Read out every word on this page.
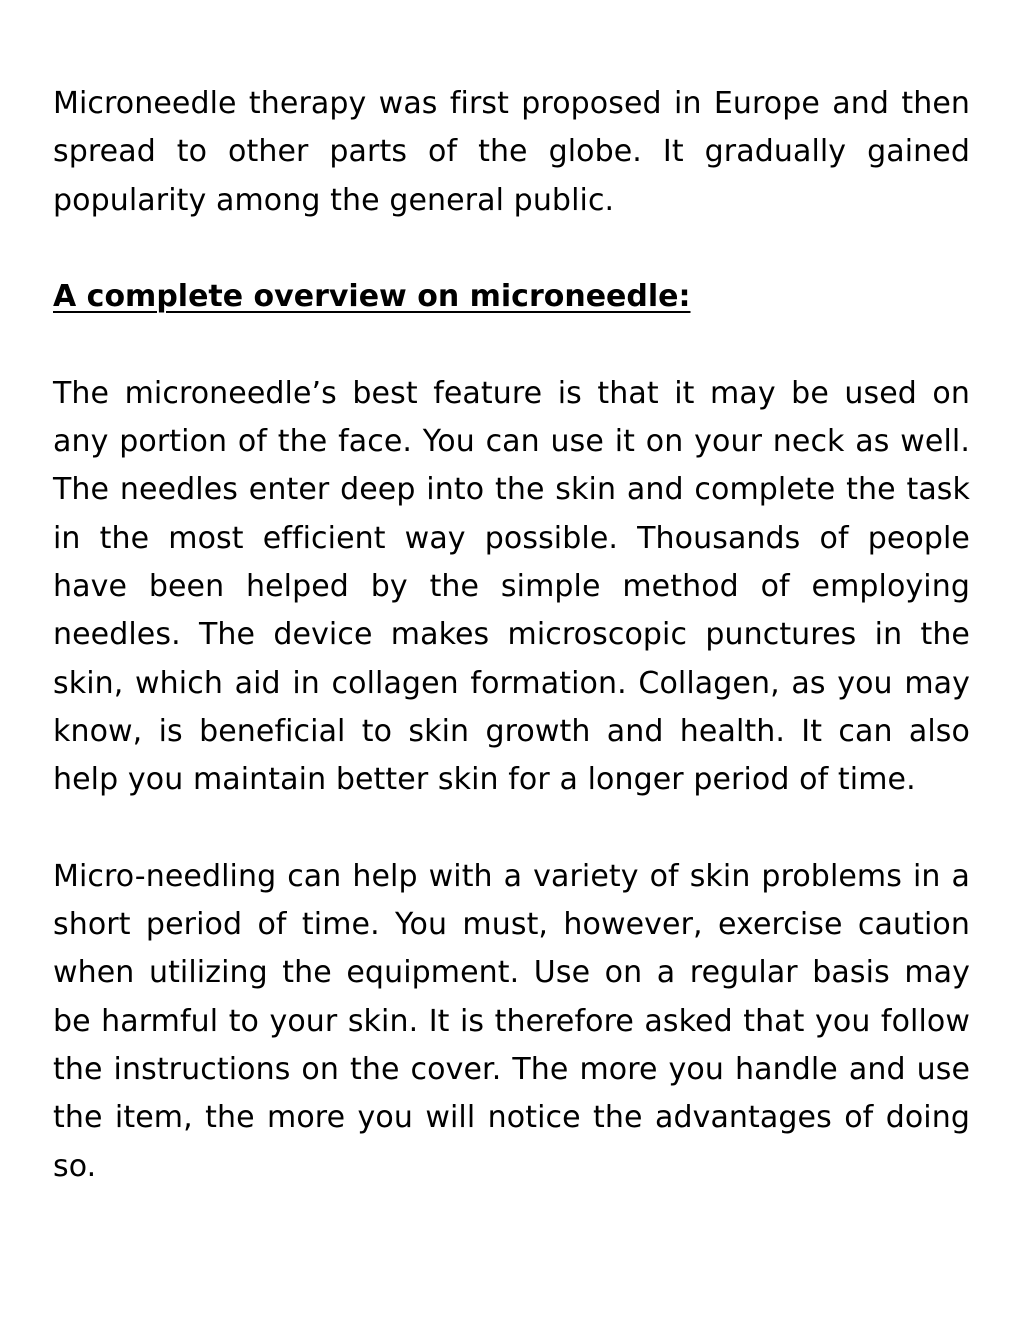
Microneedle therapy was first proposed in Europe and then spread to other parts of the globe. It gradually gained popularity among the general public.

A complete overview on microneedle:

The microneedle’s best feature is that it may be used on any portion of the face. You can use it on your neck as well. The needles enter deep into the skin and complete the task in the most efficient way possible. Thousands of people have been helped by the simple method of employing needles. The device makes microscopic punctures in the skin, which aid in collagen formation. Collagen, as you may know, is beneficial to skin growth and health. It can also help you maintain better skin for a longer period of time.

Micro-needling can help with a variety of skin problems in a short period of time. You must, however, exercise caution when utilizing the equipment. Use on a regular basis may be harmful to your skin. It is therefore asked that you follow the instructions on the cover. The more you handle and use the item, the more you will notice the advantages of doing so.
